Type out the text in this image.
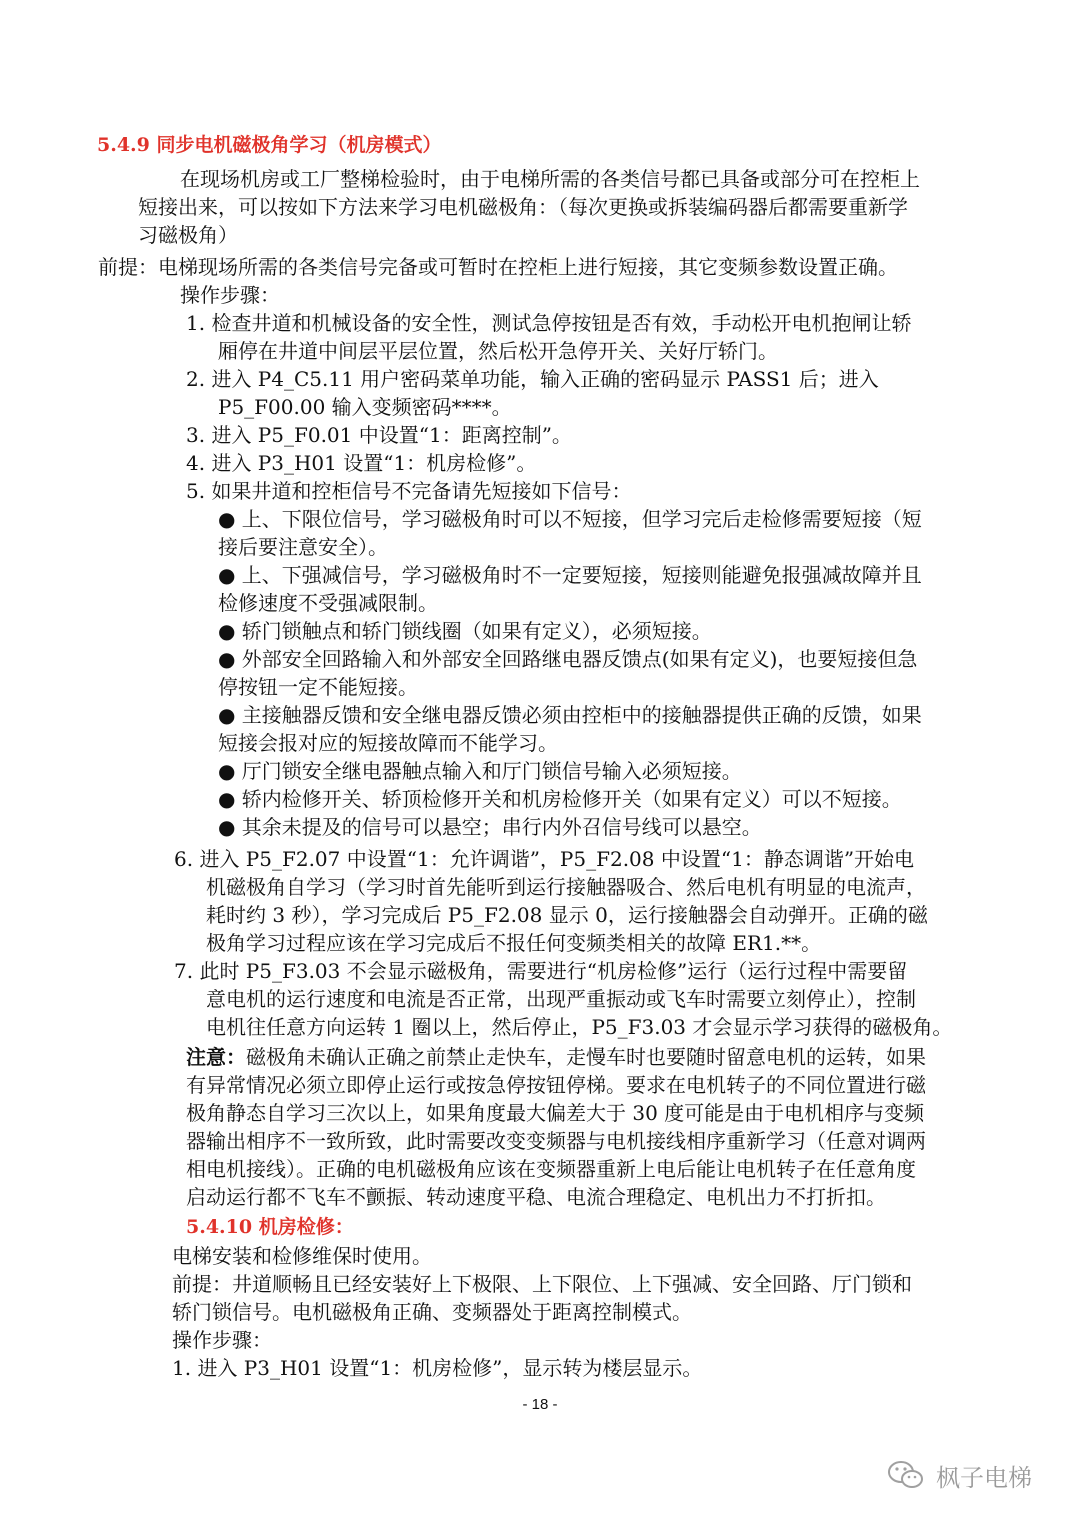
5.4.9 同步电机磁极角学习（机房模式）
在现场机房或工厂整梯检验时，由于电梯所需的各类信号都已具备或部分可在控柜上
短接出来，可以按如下方法来学习电机磁极角：（每次更换或拆装编码器后都需要重新学
习磁极角）
前提：电梯现场所需的各类信号完备或可暂时在控柜上进行短接，其它变频参数设置正确。
操作步骤：
1. 检查井道和机械设备的安全性，测试急停按钮是否有效，手动松开电机抱闸让轿
厢停在井道中间层平层位置，然后松开急停开关、关好厅轿门。
2. 进入 P4_C5.11 用户密码菜单功能，输入正确的密码显示 PASS1 后；进入
P5_F00.00 输入变频密码****。
3. 进入 P5_F0.01 中设置“1：距离控制”。
4. 进入 P3_H01 设置“1：机房检修”。
5. 如果井道和控柜信号不完备请先短接如下信号：
● 上、下限位信号，学习磁极角时可以不短接，但学习完后走检修需要短接（短
接后要注意安全）。
● 上、下强减信号，学习磁极角时不一定要短接，短接则能避免报强减故障并且
检修速度不受强减限制。
● 轿门锁触点和轿门锁线圈（如果有定义），必须短接。
● 外部安全回路输入和外部安全回路继电器反馈点(如果有定义)，也要短接但急
停按钮一定不能短接。
● 主接触器反馈和安全继电器反馈必须由控柜中的接触器提供正确的反馈，如果
短接会报对应的短接故障而不能学习。
● 厅门锁安全继电器触点输入和厅门锁信号输入必须短接。
● 轿内检修开关、轿顶检修开关和机房检修开关（如果有定义）可以不短接。
● 其余未提及的信号可以悬空；串行内外召信号线可以悬空。
6. 进入 P5_F2.07 中设置“1：允许调谐”，P5_F2.08 中设置“1：静态调谐”开始电
机磁极角自学习（学习时首先能听到运行接触器吸合、然后电机有明显的电流声，
耗时约 3 秒），学习完成后 P5_F2.08 显示 0，运行接触器会自动弹开。正确的磁
极角学习过程应该在学习完成后不报任何变频类相关的故障 ER1.**。
7. 此时 P5_F3.03 不会显示磁极角，需要进行“机房检修”运行（运行过程中需要留
意电机的运行速度和电流是否正常，出现严重振动或飞车时需要立刻停止），控制
电机往任意方向运转 1 圈以上，然后停止，P5_F3.03 才会显示学习获得的磁极角。
注意：磁极角未确认正确之前禁止走快车，走慢车时也要随时留意电机的运转，如果
有异常情况必须立即停止运行或按急停按钮停梯。要求在电机转子的不同位置进行磁
极角静态自学习三次以上，如果角度最大偏差大于 30 度可能是由于电机相序与变频
器输出相序不一致所致，此时需要改变变频器与电机接线相序重新学习（任意对调两
相电机接线）。正确的电机磁极角应该在变频器重新上电后能让电机转子在任意角度
启动运行都不飞车不颤振、转动速度平稳、电流合理稳定、电机出力不打折扣。
5.4.10 机房检修：
电梯安装和检修维保时使用。
前提：井道顺畅且已经安装好上下极限、上下限位、上下强减、安全回路、厅门锁和
轿门锁信号。电机磁极角正确、变频器处于距离控制模式。
操作步骤：
1. 进入 P3_H01 设置“1：机房检修”，显示转为楼层显示。
- 18 -
枫子电梯
